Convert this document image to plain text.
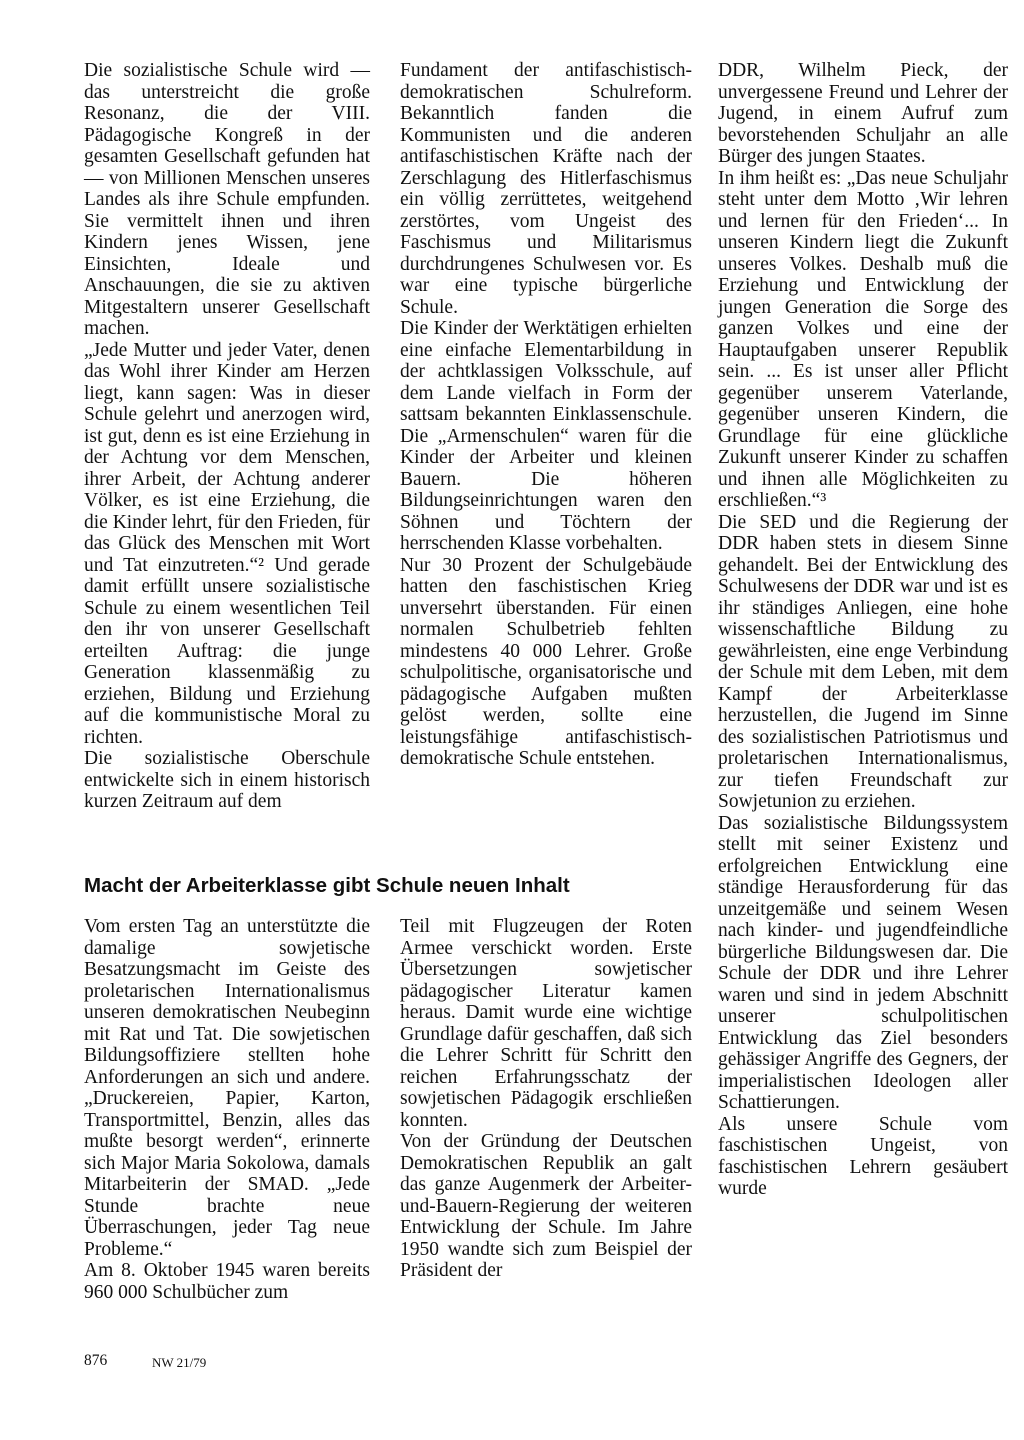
Die sozialistische Schule wird — das unterstreicht die große Resonanz, die der VIII. Pädagogische Kongreß in der gesamten Gesellschaft gefunden hat — von Millionen Menschen unseres Landes als ihre Schule empfunden. Sie vermittelt ihnen und ihren Kindern jenes Wissen, jene Einsichten, Ideale und Anschauungen, die sie zu aktiven Mitgestaltern unserer Gesellschaft machen.

„Jede Mutter und jeder Vater, denen das Wohl ihrer Kinder am Herzen liegt, kann sagen: Was in dieser Schule gelehrt und anerzogen wird, ist gut, denn es ist eine Erziehung in der Achtung vor dem Menschen, ihrer Arbeit, der Achtung anderer Völker, es ist eine Erziehung, die die Kinder lehrt, für den Frieden, für das Glück des Menschen mit Wort und Tat einzutreten.“² Und gerade damit erfüllt unsere sozialistische Schule zu einem wesentlichen Teil den ihr von unserer Gesellschaft erteilten Auftrag: die junge Generation klassenmäßig zu erziehen, Bildung und Erziehung auf die kommunistische Moral zu richten.

Die sozialistische Oberschule entwickelte sich in einem historisch kurzen Zeitraum auf dem

Fundament der antifaschistisch-demokratischen Schulreform. Bekanntlich fanden die Kommunisten und die anderen antifaschistischen Kräfte nach der Zerschlagung des Hitlerfaschismus ein völlig zerrüttetes, weitgehend zerstörtes, vom Ungeist des Faschismus und Militarismus durchdrungenes Schulwesen vor. Es war eine typische bürgerliche Schule.

Die Kinder der Werktätigen erhielten eine einfache Elementarbildung in der achtklassigen Volksschule, auf dem Lande vielfach in Form der sattsam bekannten Einklassenschule. Die „Armenschulen“ waren für die Kinder der Arbeiter und kleinen Bauern. Die höheren Bildungseinrichtungen waren den Söhnen und Töchtern der herrschenden Klasse vorbehalten.

Nur 30 Prozent der Schulgebäude hatten den faschistischen Krieg unversehrt überstanden. Für einen normalen Schulbetrieb fehlten mindestens 40 000 Lehrer. Große schulpolitische, organisatorische und pädagogische Aufgaben mußten gelöst werden, sollte eine leistungsfähige antifaschistisch-demokratische Schule entstehen.

DDR, Wilhelm Pieck, der unvergessene Freund und Lehrer der Jugend, in einem Aufruf zum bevorstehenden Schuljahr an alle Bürger des jungen Staates.

In ihm heißt es: „Das neue Schuljahr steht unter dem Motto ‚Wir lehren und lernen für den Frieden‘... In unseren Kindern liegt die Zukunft unseres Volkes. Deshalb muß die Erziehung und Entwicklung der jungen Generation die Sorge des ganzen Volkes und eine der Hauptaufgaben unserer Republik sein. ... Es ist unser aller Pflicht gegenüber unserem Vaterlande, gegenüber unseren Kindern, die Grundlage für eine glückliche Zukunft unserer Kinder zu schaffen und ihnen alle Möglichkeiten zu erschließen.“³

Die SED und die Regierung der DDR haben stets in diesem Sinne gehandelt. Bei der Entwicklung des Schulwesens der DDR war und ist es ihr ständiges Anliegen, eine hohe wissenschaftliche Bildung zu gewährleisten, eine enge Verbindung der Schule mit dem Leben, mit dem Kampf der Arbeiterklasse herzustellen, die Jugend im Sinne des sozialistischen Patriotismus und proletarischen Internationalismus, zur tiefen Freundschaft zur Sowjetunion zu erziehen.

Das sozialistische Bildungssystem stellt mit seiner Existenz und erfolgreichen Entwicklung eine ständige Herausforderung für das unzeitgemäße und seinem Wesen nach kinder- und jugendfeindliche bürgerliche Bildungswesen dar. Die Schule der DDR und ihre Lehrer waren und sind in jedem Abschnitt unserer schulpolitischen Entwicklung das Ziel besonders gehässiger Angriffe des Gegners, der imperialistischen Ideologen aller Schattierungen.

Als unsere Schule vom faschistischen Ungeist, von faschistischen Lehrern gesäubert wurde

Macht der Arbeiterklasse gibt Schule neuen Inhalt

Vom ersten Tag an unterstützte die damalige sowjetische Besatzungsmacht im Geiste des proletarischen Internationalismus unseren demokratischen Neubeginn mit Rat und Tat. Die sowjetischen Bildungsoffiziere stellten hohe Anforderungen an sich und andere. „Druckereien, Papier, Karton, Transportmittel, Benzin, alles das mußte besorgt werden“, erinnerte sich Major Maria Sokolowa, damals Mitarbeiterin der SMAD. „Jede Stunde brachte neue Überraschungen, jeder Tag neue Probleme.“

Am 8. Oktober 1945 waren bereits 960 000 Schulbücher zum

Teil mit Flugzeugen der Roten Armee verschickt worden. Erste Übersetzungen sowjetischer pädagogischer Literatur kamen heraus. Damit wurde eine wichtige Grundlage dafür geschaffen, daß sich die Lehrer Schritt für Schritt den reichen Erfahrungsschatz der sowjetischen Pädagogik erschließen konnten.

Von der Gründung der Deutschen Demokratischen Republik an galt das ganze Augenmerk der Arbeiter-und-Bauern-Regierung der weiteren Entwicklung der Schule. Im Jahre 1950 wandte sich zum Beispiel der Präsident der

876	NW 21/79
